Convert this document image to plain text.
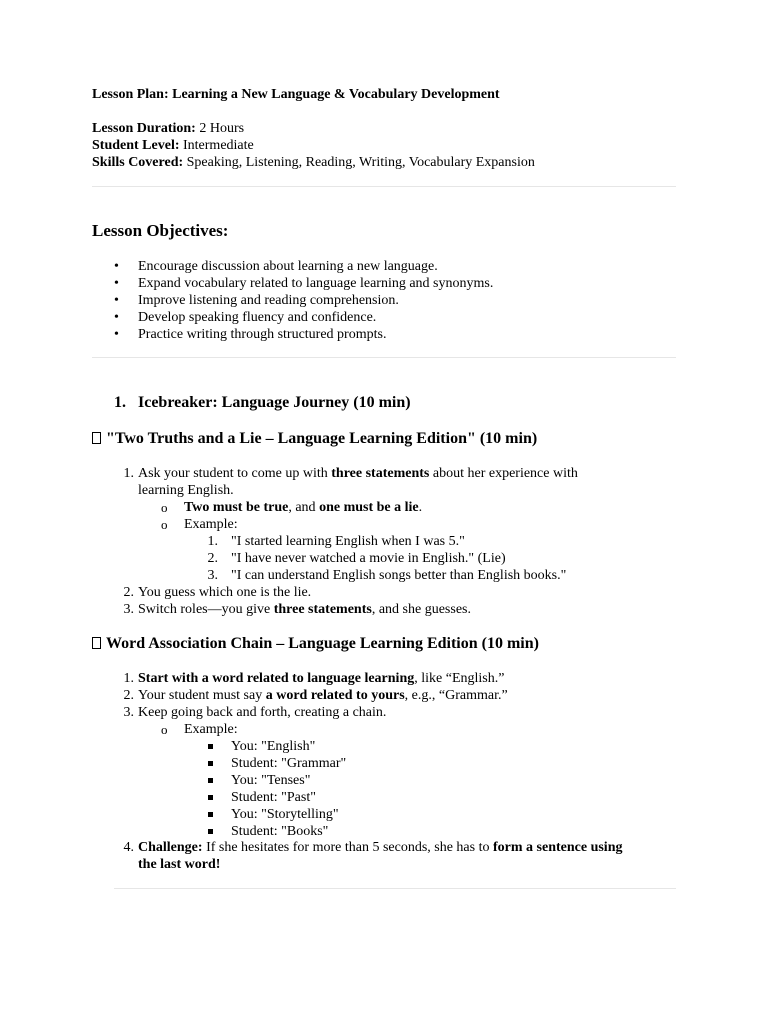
Lesson Plan: Learning a New Language & Vocabulary Development
Lesson Duration: 2 Hours
Student Level: Intermediate
Skills Covered: Speaking, Listening, Reading, Writing, Vocabulary Expansion
Lesson Objectives:
• Encourage discussion about learning a new language.
• Expand vocabulary related to language learning and synonyms.
• Improve listening and reading comprehension.
• Develop speaking fluency and confidence.
• Practice writing through structured prompts.
1. Icebreaker: Language Journey (10 min)
"Two Truths and a Lie – Language Learning Edition" (10 min)
1. Ask your student to come up with three statements about her experience with
learning English.
o Two must be true, and one must be a lie.
o Example:
1. "I started learning English when I was 5."
2. "I have never watched a movie in English." (Lie)
3. "I can understand English songs better than English books."
2. You guess which one is the lie.
3. Switch roles—you give three statements, and she guesses.
Word Association Chain – Language Learning Edition (10 min)
1. Start with a word related to language learning, like “English.”
2. Your student must say a word related to yours, e.g., “Grammar.”
3. Keep going back and forth, creating a chain.
o Example:
You: "English"
Student: "Grammar"
You: "Tenses"
Student: "Past"
You: "Storytelling"
Student: "Books"
4. Challenge: If she hesitates for more than 5 seconds, she has to form a sentence using
the last word!
